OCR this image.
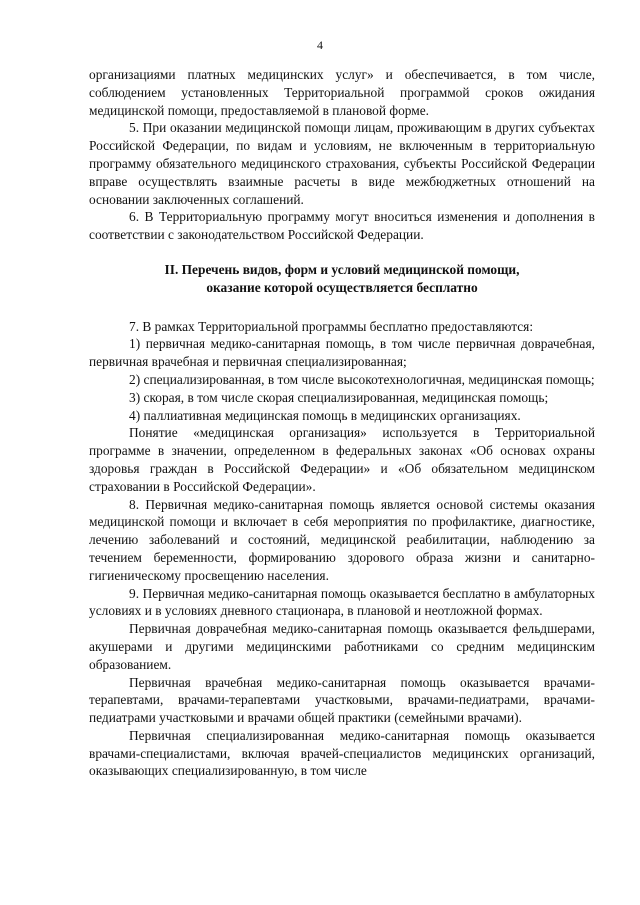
4

организациями платных медицинских услуг» и обеспечивается, в том числе, соблюдением установленных Территориальной программой сроков ожидания медицинской помощи, предоставляемой в плановой форме.

5. При оказании медицинской помощи лицам, проживающим в других субъектах Российской Федерации, по видам и условиям, не включенным в территориальную программу обязательного медицинского страхования, субъекты Российской Федерации вправе осуществлять взаимные расчеты в виде межбюджетных отношений на основании заключенных соглашений.

6. В Территориальную программу могут вноситься изменения и дополнения в соответствии с законодательством Российской Федерации.

II. Перечень видов, форм и условий медицинской помощи,
оказание которой осуществляется бесплатно

7. В рамках Территориальной программы бесплатно предоставляются:

1) первичная медико-санитарная помощь, в том числе первичная доврачебная, первичная врачебная и первичная специализированная;

2) специализированная, в том числе высокотехнологичная, медицинская помощь;

3) скорая, в том числе скорая специализированная, медицинская помощь;

4) паллиативная медицинская помощь в медицинских организациях.

Понятие «медицинская организация» используется в Территориальной программе в значении, определенном в федеральных законах «Об основах охраны здоровья граждан в Российской Федерации» и «Об обязательном медицинском страховании в Российской Федерации».

8. Первичная медико-санитарная помощь является основой системы оказания медицинской помощи и включает в себя мероприятия по профилактике, диагностике, лечению заболеваний и состояний, медицинской реабилитации, наблюдению за течением беременности, формированию здорового образа жизни и санитарно-гигиеническому просвещению населения.

9. Первичная медико-санитарная помощь оказывается бесплатно в амбулаторных условиях и в условиях дневного стационара, в плановой и неотложной формах.

Первичная доврачебная медико-санитарная помощь оказывается фельдшерами, акушерами и другими медицинскими работниками со средним медицинским образованием.

Первичная врачебная медико-санитарная помощь оказывается врачами-терапевтами, врачами-терапевтами участковыми, врачами-педиатрами, врачами-педиатрами участковыми и врачами общей практики (семейными врачами).

Первичная специализированная медико-санитарная помощь оказывается врачами-специалистами, включая врачей-специалистов медицинских организаций, оказывающих специализированную, в том числе
